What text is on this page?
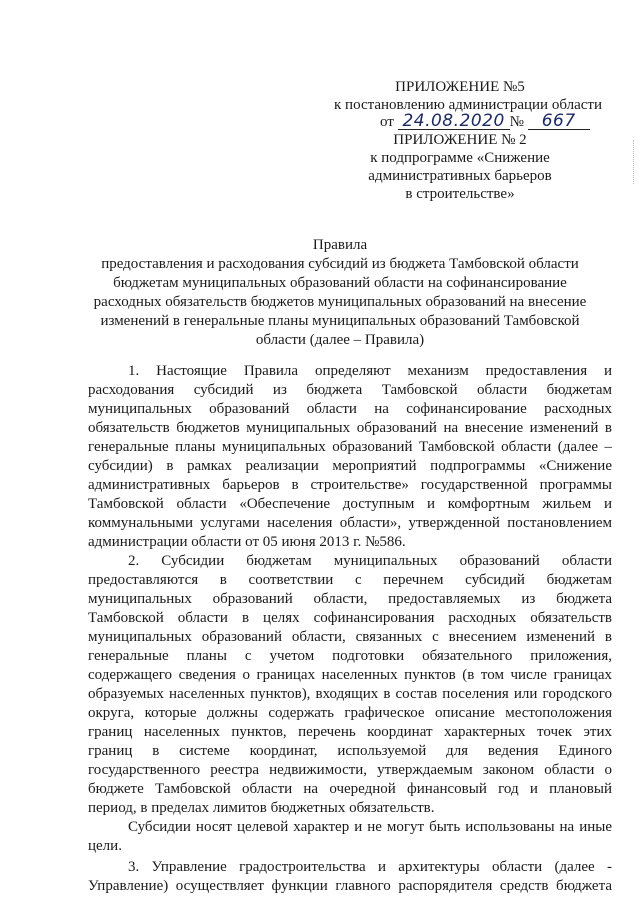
ПРИЛОЖЕНИЕ №5
к постановлению администрации области
от 24.08.2020 № 667
ПРИЛОЖЕНИЕ № 2
к подпрограмме «Снижение
административных барьеров
в строительстве»
Правила
предоставления и расходования субсидий из бюджета Тамбовской области
бюджетам муниципальных образований области на софинансирование
расходных обязательств бюджетов муниципальных образований на внесение
изменений в генеральные планы муниципальных образований Тамбовской
области (далее – Правила)
1. Настоящие Правила определяют механизм предоставления и
расходования субсидий из бюджета Тамбовской области бюджетам
муниципальных образований области на софинансирование расходных
обязательств бюджетов муниципальных образований на внесение изменений в
генеральные планы муниципальных образований Тамбовской области (далее –
субсидии) в рамках реализации мероприятий подпрограммы «Снижение
административных барьеров в строительстве» государственной программы
Тамбовской области «Обеспечение доступным и комфортным жильем и
коммунальными услугами населения области», утвержденной постановлением
администрации области от 05 июня 2013 г. №586.
2. Субсидии бюджетам муниципальных образований области
предоставляются в соответствии с перечнем субсидий бюджетам
муниципальных образований области, предоставляемых из бюджета
Тамбовской области в целях софинансирования расходных обязательств
муниципальных образований области, связанных с внесением изменений в
генеральные планы с учетом подготовки обязательного приложения,
содержащего сведения о границах населенных пунктов (в том числе границах
образуемых населенных пунктов), входящих в состав поселения или городского
округа, которые должны содержать графическое описание местоположения
границ населенных пунктов, перечень координат характерных точек этих
границ в системе координат, используемой для ведения Единого
государственного реестра недвижимости, утверждаемым законом области о
бюджете Тамбовской области на очередной финансовый год и плановый
период, в пределах лимитов бюджетных обязательств.
Субсидии носят целевой характер и не могут быть использованы на иные
цели.
3. Управление градостроительства и архитектуры области (далее -
Управление) осуществляет функции главного распорядителя средств бюджета
